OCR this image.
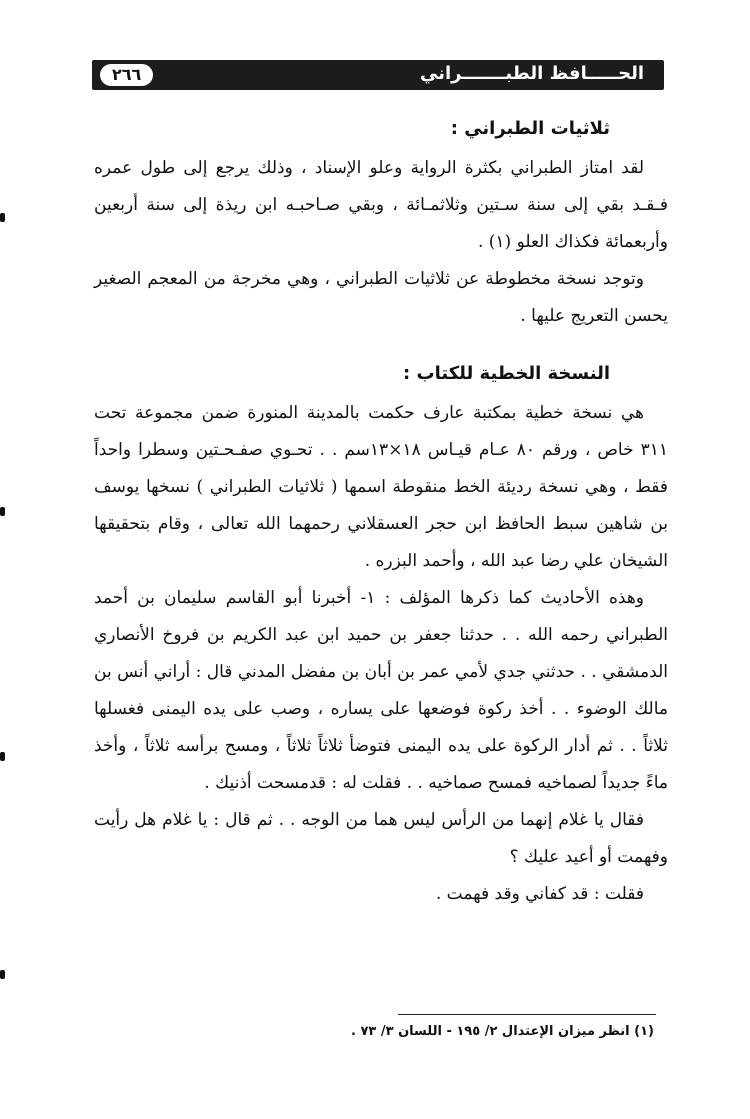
الحـــــافظ الطبـــــــراني
٢٦٦

ثلاثيات الطبراني :

لقد امتاز الطبراني بكثرة الرواية وعلو الإسناد ، وذلك يرجع إلى طول عمره فـقـد بقي إلى سنة سـتين وثلاثمـائة ، وبقي صـاحبـه ابن ريذة إلى سنة أربعين وأربعمائة فكذاك العلو (١) .

وتوجد نسخة مخطوطة عن ثلاثيات الطبراني ، وهي مخرجة من المعجم الصغير يحسن التعريج عليها .

النسخة الخطية للكتاب :

هي نسخة خطية بمكتبة عارف حكمت بالمدينة المنورة ضمن مجموعة تحت ٣١١ خاص ، ورقم ٨٠ عـام قيـاس ١٨×١٣سم . . تحـوي صفـحـتين وسطرا واحداً فقط ، وهي نسخة رديئة الخط منقوطة اسمها ( ثلاثيات الطبراني ) نسخها يوسف بن شاهين سبط الحافظ ابن حجر العسقلاني رحمهما الله تعالى ، وقام بتحقيقها الشيخان علي رضا عبد الله ، وأحمد البزره .

وهذه الأحاديث كما ذكرها المؤلف : ١- أخبرنا أبو القاسم سليمان بن أحمد الطبراني رحمه الله . . حدثنا جعفر بن حميد ابن عبد الكريم بن فروخ الأنصاري الدمشقي . . حدثني جدي لأمي عمر بن أبان بن مفضل المدني قال : أراني أنس بن مالك الوضوء . . أخذ ركوة فوضعها على يساره ، وصب على يده اليمنى فغسلها ثلاثاً . . ثم أدار الركوة على يده اليمنى فتوضأ ثلاثاً ثلاثاً ، ومسح برأسه ثلاثاً ، وأخذ ماءً جديداً لصماخيه فمسح صماخيه . . فقلت له : قدمسحت أذنيك .

فقال يا غلام إنهما من الرأس ليس هما من الوجه . . ثم قال : يا غلام هل رأيت وفهمت أو أعيد عليك ؟

فقلت : قد كفاني وقد فهمت .

(١) انظر ميزان الإعتدال ٢/ ١٩٥ - اللسان ٣/ ٧٣ .
